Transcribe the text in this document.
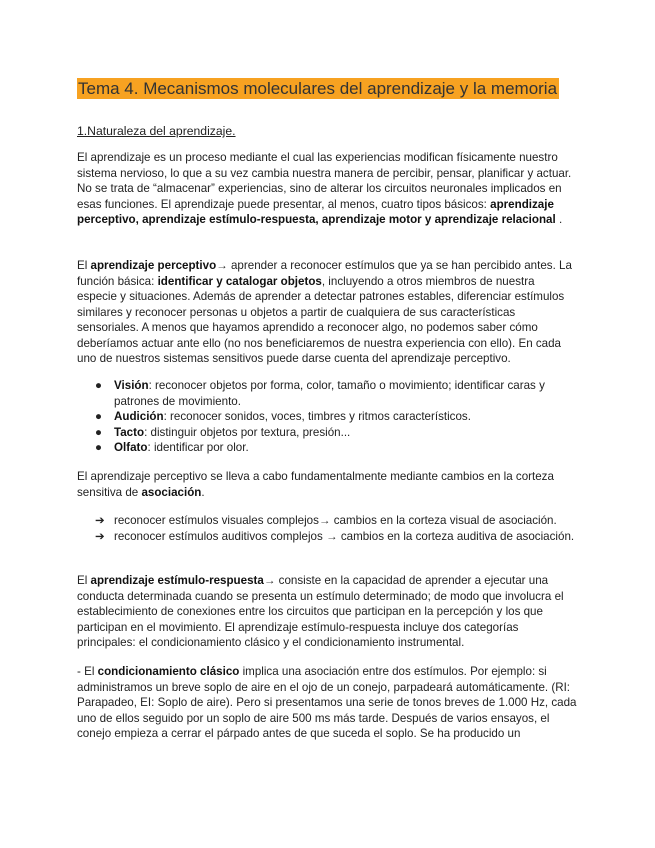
Tema 4. Mecanismos moleculares del aprendizaje y la memoria
1.Naturaleza del aprendizaje.

El aprendizaje es un proceso mediante el cual las experiencias modifican físicamente nuestro sistema nervioso, lo que a su vez cambia nuestra manera de percibir, pensar, planificar y actuar. No se trata de “almacenar” experiencias, sino de alterar los circuitos neuronales implicados en esas funciones. El aprendizaje puede presentar, al menos, cuatro tipos básicos: aprendizaje perceptivo, aprendizaje estímulo-respuesta, aprendizaje motor y aprendizaje relacional .

El aprendizaje perceptivo→ aprender a reconocer estímulos que ya se han percibido antes. La función básica: identificar y catalogar objetos, incluyendo a otros miembros de nuestra especie y situaciones. Además de aprender a detectar patrones estables, diferenciar estímulos similares y reconocer personas u objetos a partir de cualquiera de sus características sensoriales. A menos que hayamos aprendido a reconocer algo, no podemos saber cómo deberíamos actuar ante ello (no nos beneficiaremos de nuestra experiencia con ello). En cada uno de nuestros sistemas sensitivos puede darse cuenta del aprendizaje perceptivo.

● Visión: reconocer objetos por forma, color, tamaño o movimiento; identificar caras y patrones de movimiento.
● Audición: reconocer sonidos, voces, timbres y ritmos característicos.
● Tacto: distinguir objetos por textura, presión...
● Olfato: identificar por olor.

El aprendizaje perceptivo se lleva a cabo fundamentalmente mediante cambios en la corteza sensitiva de asociación.

➔ reconocer estímulos visuales complejos→ cambios en la corteza visual de asociación.
➔ reconocer estímulos auditivos complejos → cambios en la corteza auditiva de asociación.

El aprendizaje estímulo-respuesta→ consiste en la capacidad de aprender a ejecutar una conducta determinada cuando se presenta un estímulo determinado; de modo que involucra el establecimiento de conexiones entre los circuitos que participan en la percepción y los que participan en el movimiento. El aprendizaje estímulo-respuesta incluye dos categorías principales: el condicionamiento clásico y el condicionamiento instrumental.

- El condicionamiento clásico implica una asociación entre dos estímulos. Por ejemplo: si administramos un breve soplo de aire en el ojo de un conejo, parpadeará automáticamente. (RI: Parapadeo, EI: Soplo de aire). Pero si presentamos una serie de tonos breves de 1.000 Hz, cada uno de ellos seguido por un soplo de aire 500 ms más tarde. Después de varios ensayos, el conejo empieza a cerrar el párpado antes de que suceda el soplo. Se ha producido un
